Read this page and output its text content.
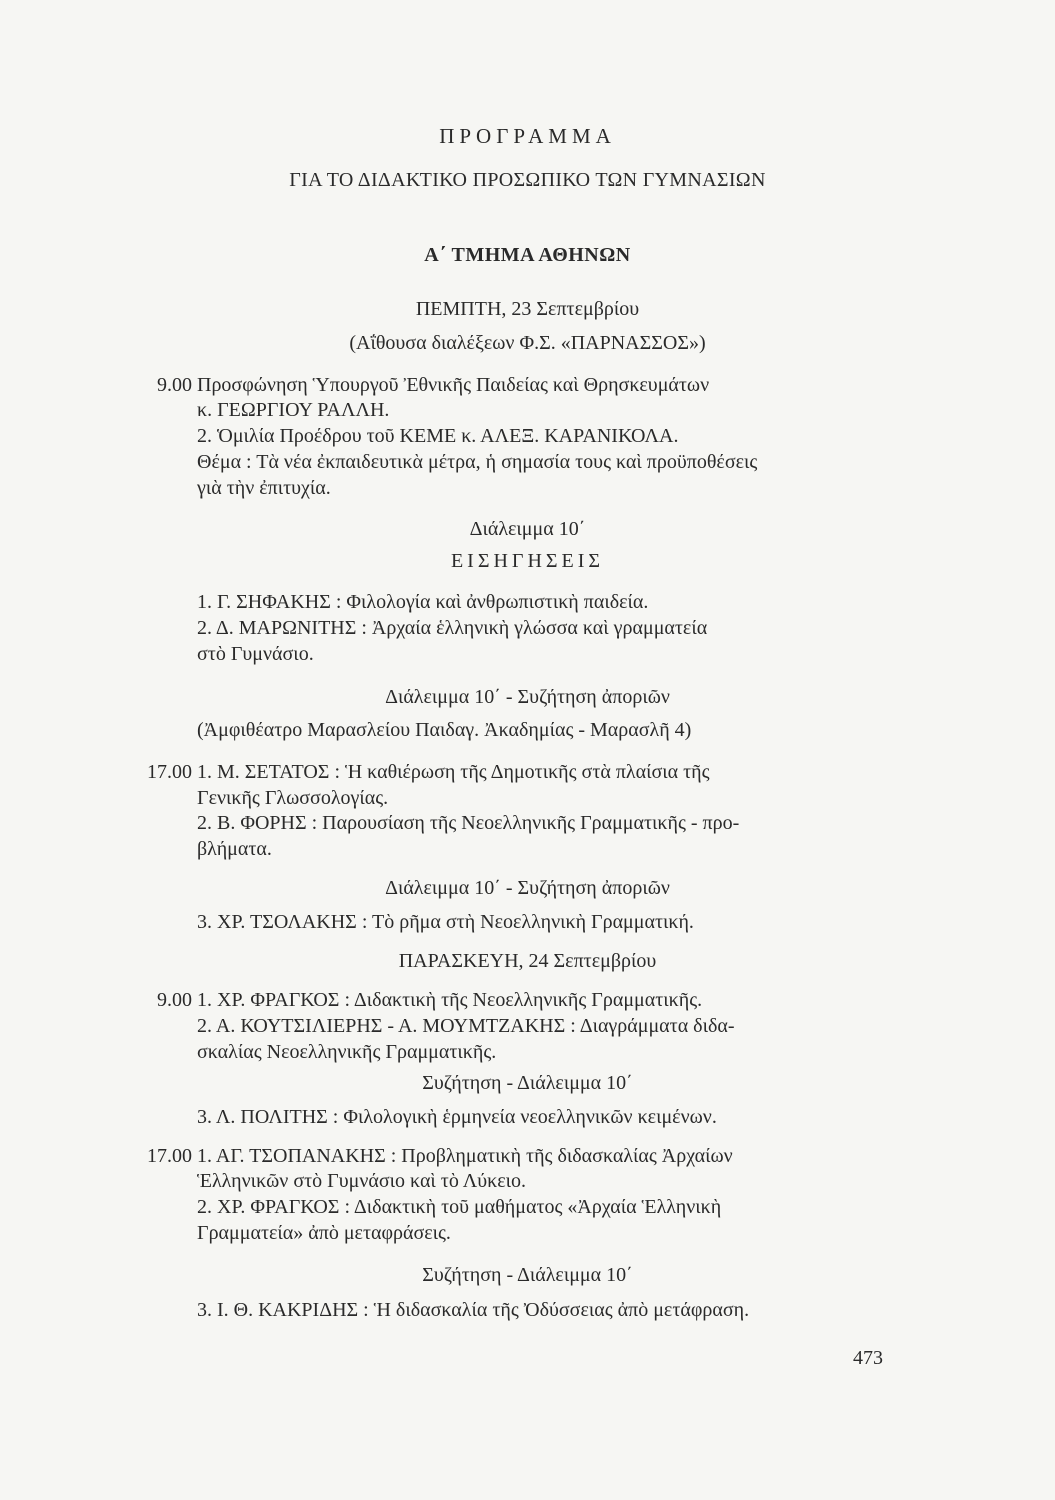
ΠΡΟΓΡΑΜΜΑ
ΓΙΑ ΤΟ ΔΙΔΑΚΤΙΚΟ ΠΡΟΣΩΠΙΚΟ ΤΩΝ ΓΥΜΝΑΣΙΩΝ
Α΄ ΤΜΗΜΑ ΑΘΗΝΩΝ
ΠΕΜΠΤΗ, 23 Σεπτεμβρίου
(Αΐθουσα διαλέξεων Φ.Σ. «ΠΑΡΝΑΣΣΟΣ»)
9.00 Προσφώνηση Ὑπουργοῦ Ἐθνικῆς Παιδείας καὶ Θρησκευμάτων
κ. ΓΕΩΡΓΙΟΥ ΡΑΛΛΗ.
2. Ὁμιλία Προέδρου τοῦ ΚΕΜΕ κ. ΑΛΕΞ. ΚΑΡΑΝΙΚΟΛΑ.
Θέμα : Τὰ νέα ἐκπαιδευτικὰ μέτρα, ἡ σημασία τους καὶ προϋποθέσεις
γιὰ τὴν ἐπιτυχία.
Διάλειμμα 10΄
ΕΙΣΗΓΗΣΕΙΣ
1. Γ. ΣΗΦΑΚΗΣ : Φιλολογία καὶ ἀνθρωπιστικὴ παιδεία.
2. Δ. ΜΑΡΩΝΙΤΗΣ : Ἀρχαία ἑλληνικὴ γλώσσα καὶ γραμματεία
στὸ Γυμνάσιο.
Διάλειμμα 10΄ - Συζήτηση ἀποριῶν
(Ἀμφιθέατρο Μαρασλείου Παιδαγ. Ἀκαδημίας - Μαρασλῆ 4)
17.00 1. Μ. ΣΕΤΑΤΟΣ : Ἡ καθιέρωση τῆς Δημοτικῆς στὰ πλαίσια τῆς
Γενικῆς Γλωσσολογίας.
2. Β. ΦΟΡΗΣ : Παρουσίαση τῆς Νεοελληνικῆς Γραμματικῆς - προ-
βλήματα.
Διάλειμμα 10΄ - Συζήτηση ἀποριῶν
3. ΧΡ. ΤΣΟΛΑΚΗΣ : Τὸ ρῆμα στὴ Νεοελληνικὴ Γραμματική.
ΠΑΡΑΣΚΕΥΗ, 24 Σεπτεμβρίου
9.00 1. ΧΡ. ΦΡΑΓΚΟΣ : Διδακτικὴ τῆς Νεοελληνικῆς Γραμματικῆς.
2. Α. ΚΟΥΤΣΙΛΙΕΡΗΣ - Α. ΜΟΥΜΤΖΑΚΗΣ : Διαγράμματα διδα-
σκαλίας Νεοελληνικῆς Γραμματικῆς.
Συζήτηση - Διάλειμμα 10΄
3. Λ. ΠΟΛΙΤΗΣ : Φιλολογικὴ ἑρμηνεία νεοελληνικῶν κειμένων.
17.00 1. ΑΓ. ΤΣΟΠΑΝΑΚΗΣ : Προβληματικὴ τῆς διδασκαλίας Ἀρχαίων
Ἑλληνικῶν στὸ Γυμνάσιο καὶ τὸ Λύκειο.
2. ΧΡ. ΦΡΑΓΚΟΣ : Διδακτικὴ τοῦ μαθήματος «Ἀρχαία Ἑλληνικὴ
Γραμματεία» ἀπὸ μεταφράσεις.
Συζήτηση - Διάλειμμα 10΄
3. Ι. Θ. ΚΑΚΡΙΔΗΣ : Ἡ διδασκαλία τῆς Ὀδύσσειας ἀπὸ μετάφραση.
473
